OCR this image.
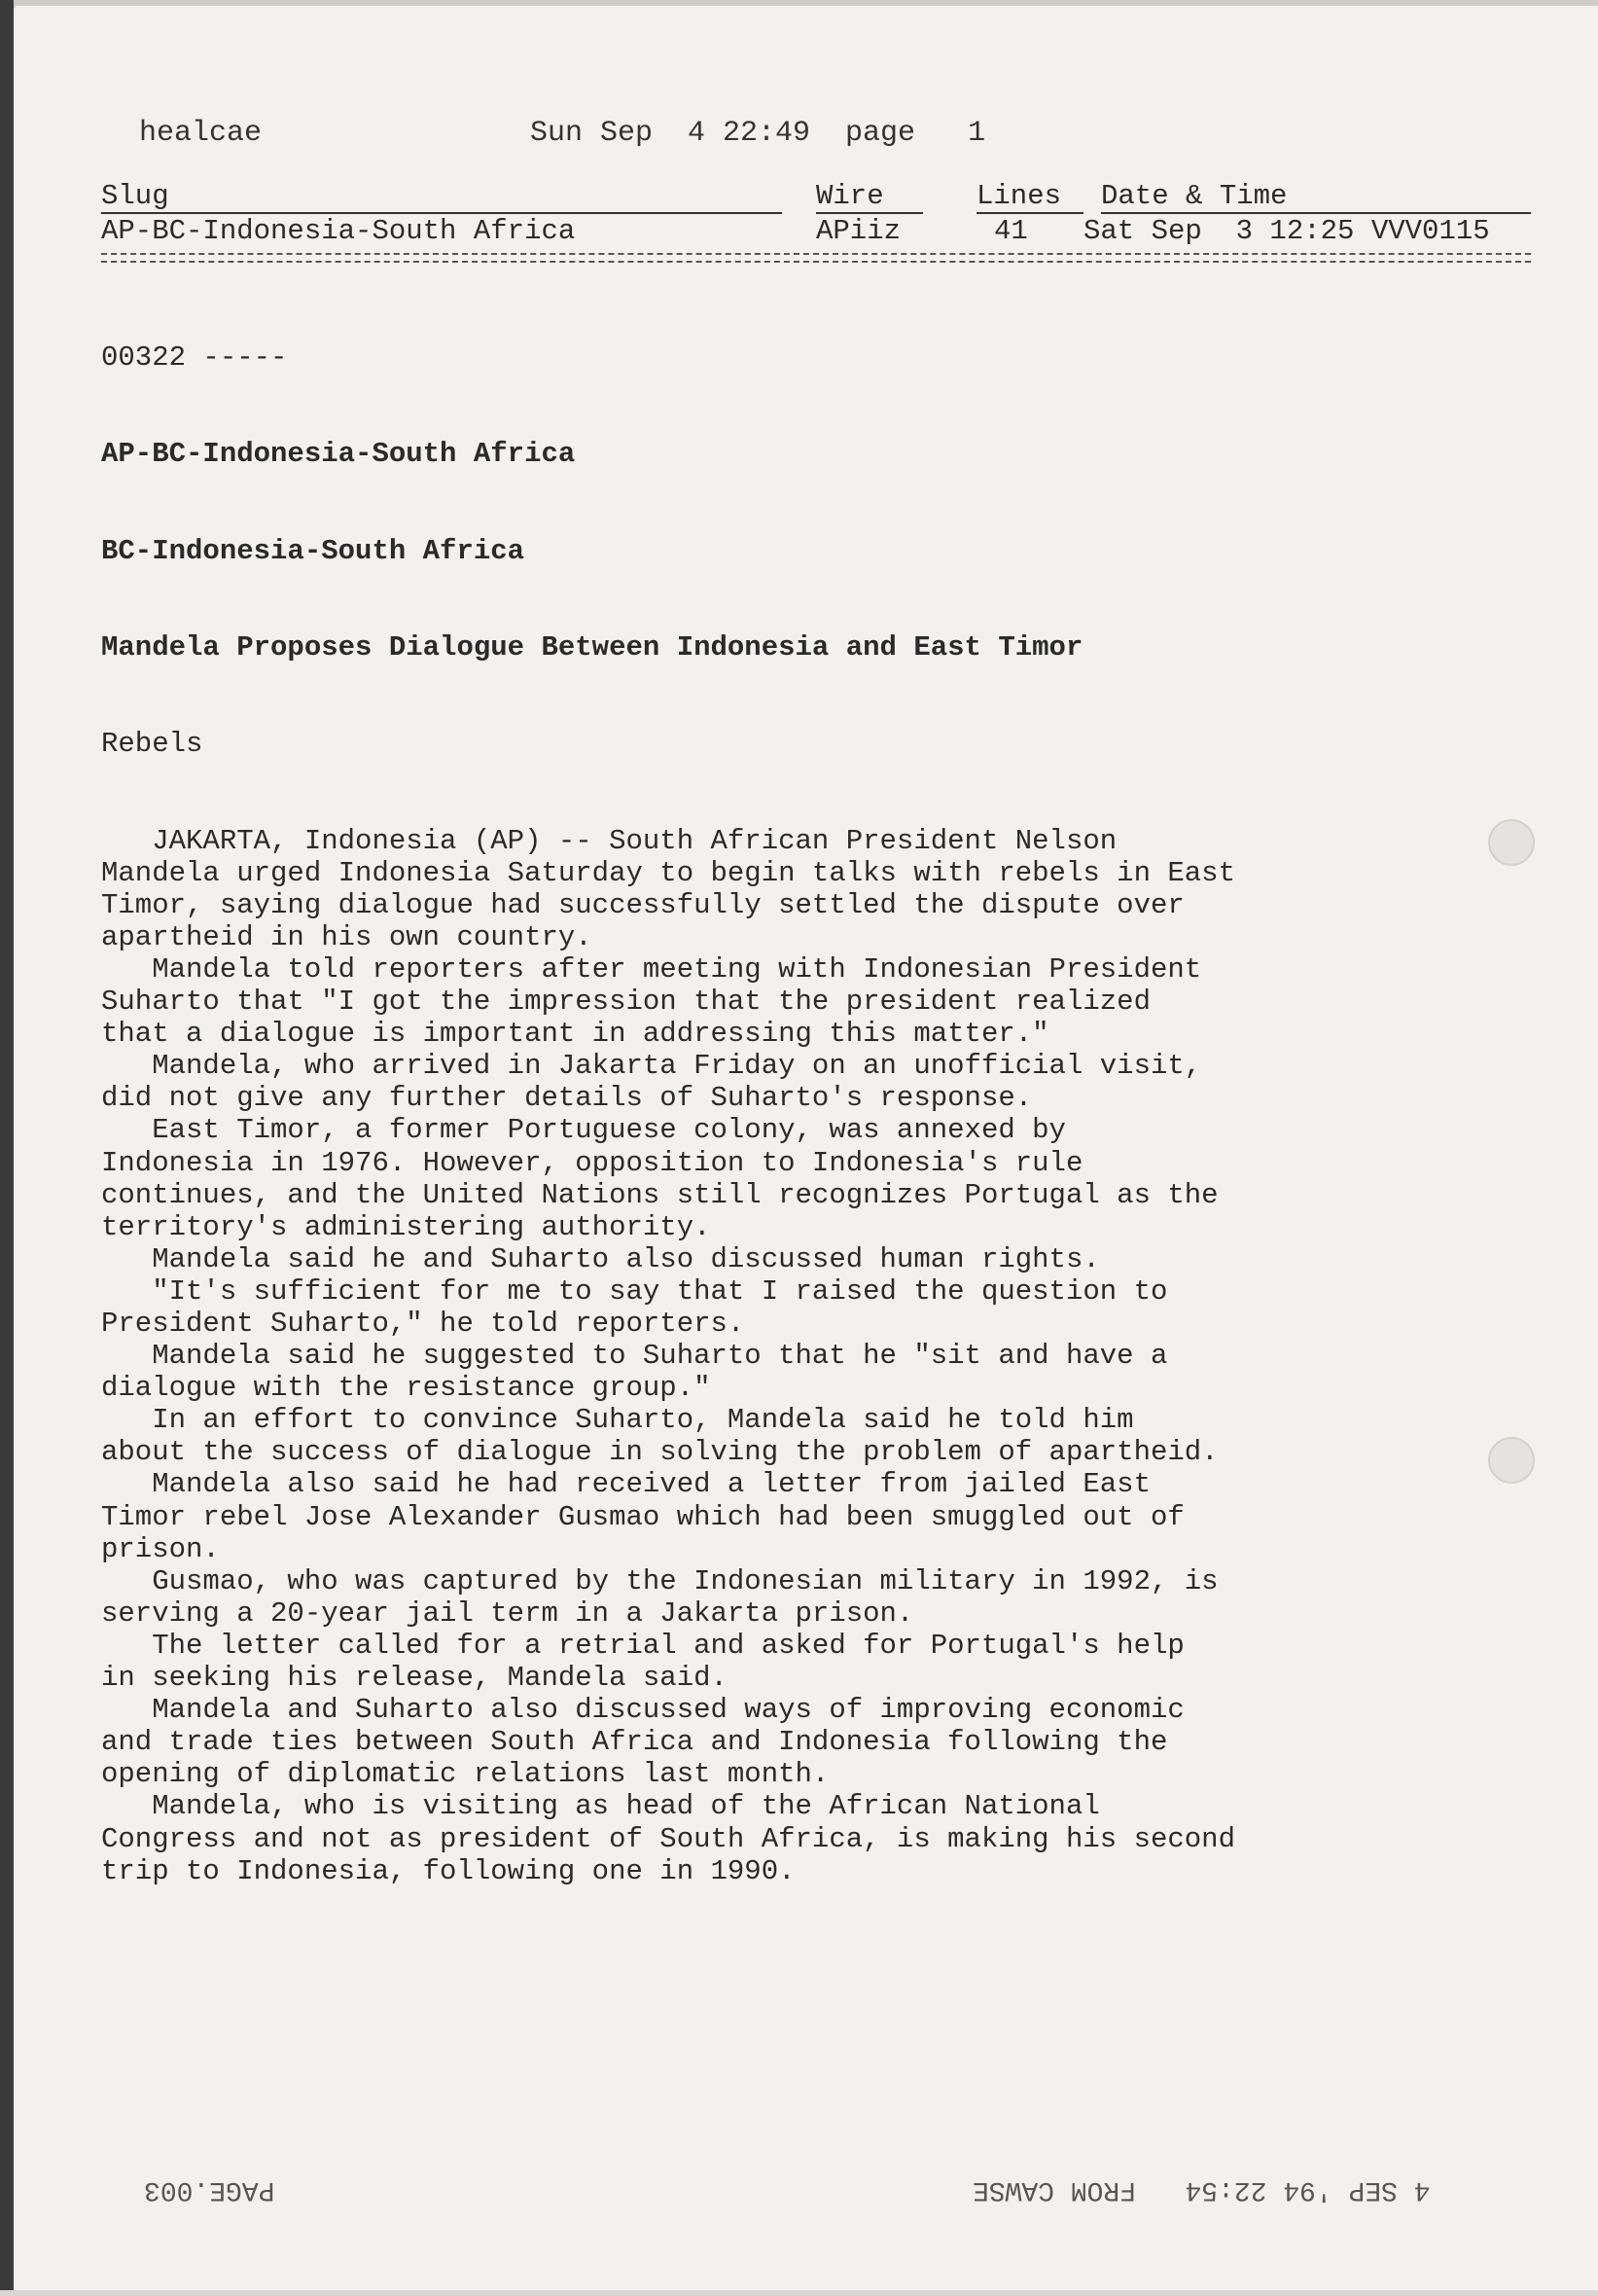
healcae	Sun Sep  4 22:49  page   1
Slug	Wire	Lines	Date & Time
AP-BC-Indonesia-South Africa	APiiz	41 Sat Sep  3 12:25 VVV0115

00322 -----

AP-BC-Indonesia-South Africa

BC-Indonesia-South Africa

Mandela Proposes Dialogue Between Indonesia and East Timor

Rebels

JAKARTA, Indonesia (AP) -- South African President Nelson
Mandela urged Indonesia Saturday to begin talks with rebels in East
Timor, saying dialogue had successfully settled the dispute over
apartheid in his own country.
Mandela told reporters after meeting with Indonesian President
Suharto that "I got the impression that the president realized
that a dialogue is important in addressing this matter."
Mandela, who arrived in Jakarta Friday on an unofficial visit,
did not give any further details of Suharto's response.
East Timor, a former Portuguese colony, was annexed by
Indonesia in 1976. However, opposition to Indonesia's rule
continues, and the United Nations still recognizes Portugal as the
territory's administering authority.
Mandela said he and Suharto also discussed human rights.
"It's sufficient for me to say that I raised the question to
President Suharto," he told reporters.
Mandela said he suggested to Suharto that he "sit and have a
dialogue with the resistance group."
In an effort to convince Suharto, Mandela said he told him
about the success of dialogue in solving the problem of apartheid.
Mandela also said he had received a letter from jailed East
Timor rebel Jose Alexander Gusmao which had been smuggled out of
prison.
Gusmao, who was captured by the Indonesian military in 1992, is
serving a 20-year jail term in a Jakarta prison.
The letter called for a retrial and asked for Portugal's help
in seeking his release, Mandela said.
Mandela and Suharto also discussed ways of improving economic
and trade ties between South Africa and Indonesia following the
opening of diplomatic relations last month.
Mandela, who is visiting as head of the African National
Congress and not as president of South Africa, is making his second
trip to Indonesia, following one in 1990.

PAGE.003	4 SEP '94 22:54   FROM CAWSE
